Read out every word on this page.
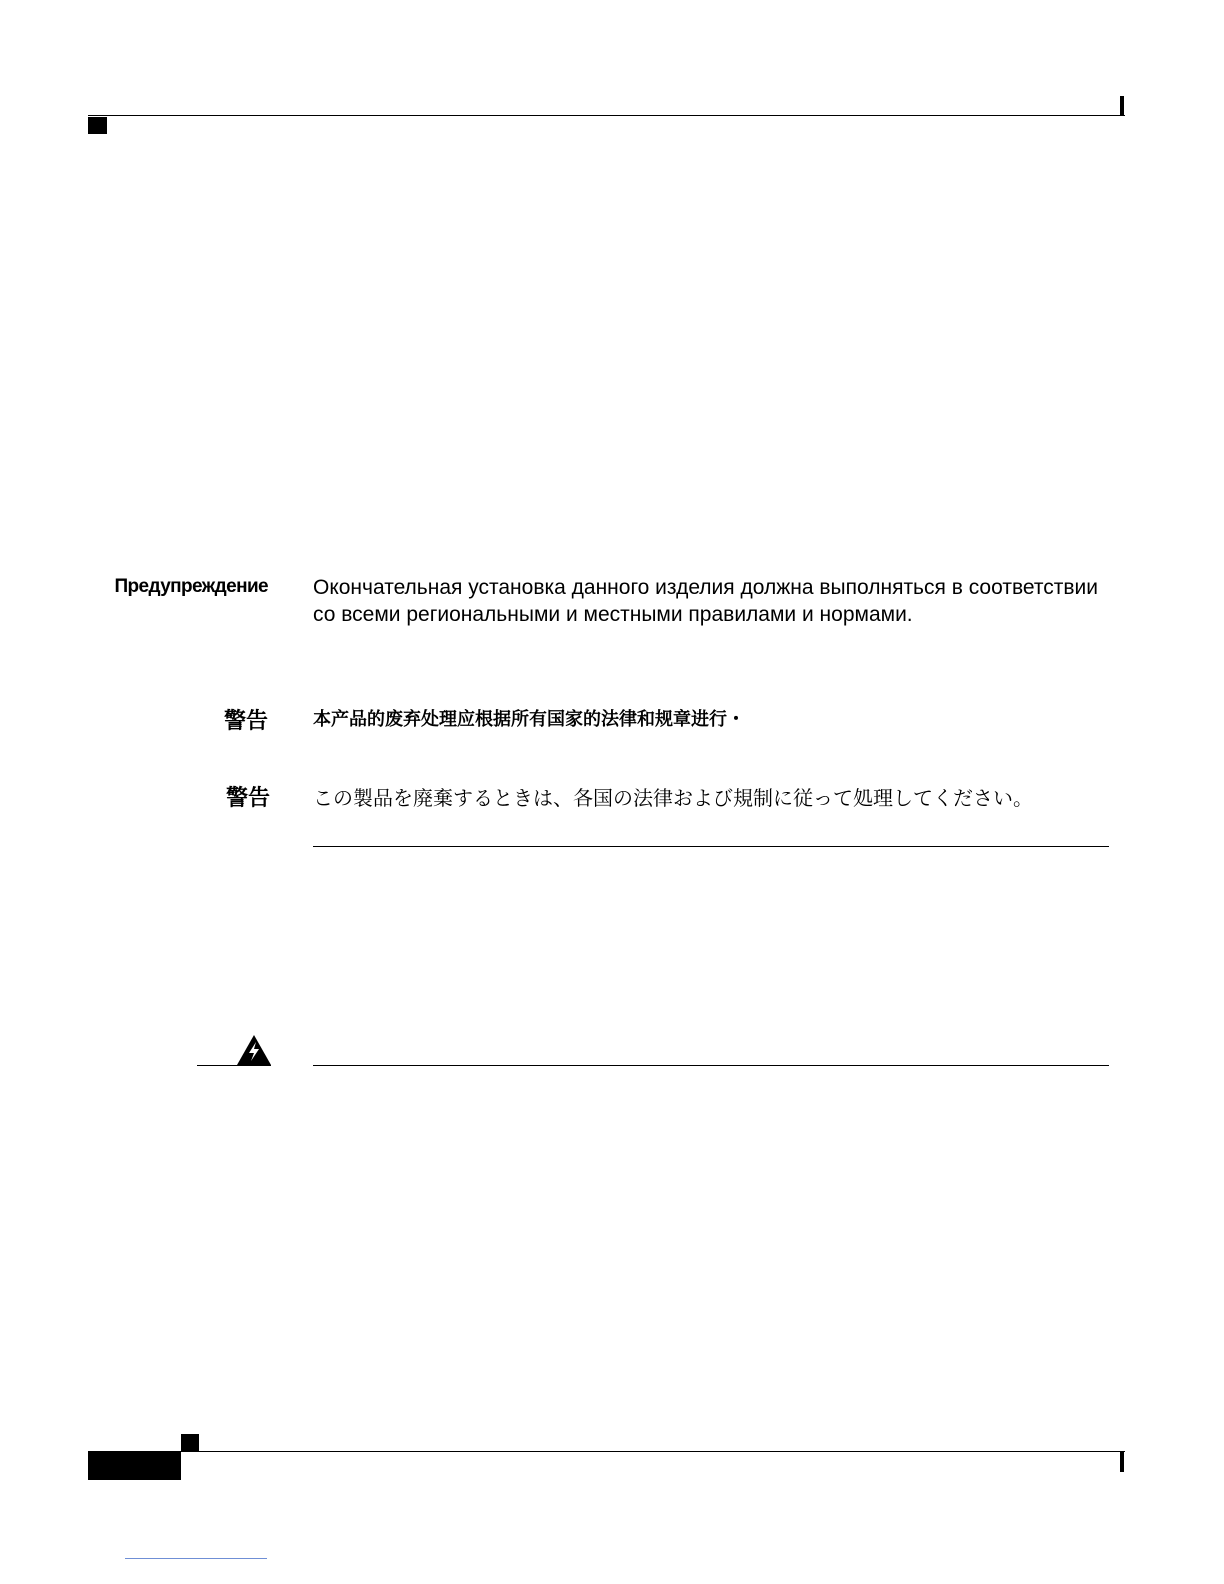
Предупреждение Окончательная установка данного изделия должна выполняться в соответствии со всеми региональными и местными правилами и нормами.
警告	本产品的废弃处理应根据所有国家的法律和规章进行・
警告 この製品を廃棄するときは、各国の法律および規制に従って処理してください。
